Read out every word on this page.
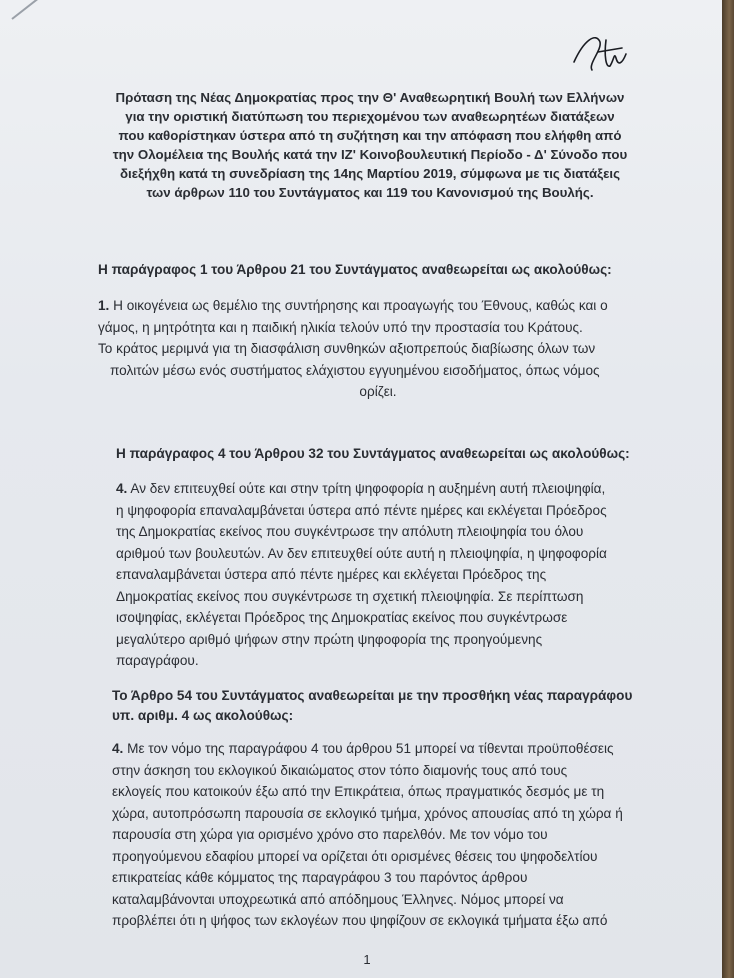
Πρόταση της Νέας Δημοκρατίας προς την Θ' Αναθεωρητική Βουλή των Ελλήνων
για την οριστική διατύπωση του περιεχομένου των αναθεωρητέων διατάξεων
που καθορίστηκαν ύστερα από τη συζήτηση και την απόφαση που ελήφθη από
την Ολομέλεια της Βουλής κατά την ΙΖ' Κοινοβουλευτική Περίοδο - Δ' Σύνοδο που
διεξήχθη κατά τη συνεδρίαση της 14ης Μαρτίου 2019, σύμφωνα με τις διατάξεις
των άρθρων 110 του Συντάγματος και 119 του Κανονισμού της Βουλής.
Η παράγραφος 1 του Άρθρου 21 του Συντάγματος αναθεωρείται ως ακολούθως:
1. Η οικογένεια ως θεμέλιο της συντήρησης και προαγωγής του Έθνους, καθώς και ο
γάμος, η μητρότητα και η παιδική ηλικία τελούν υπό την προστασία του Κράτους.
Το κράτος μεριμνά για τη διασφάλιση συνθηκών αξιοπρεπούς διαβίωσης όλων των
πολιτών μέσω ενός συστήματος ελάχιστου εγγυημένου εισοδήματος, όπως νόμος
ορίζει.
Η παράγραφος 4 του Άρθρου 32 του Συντάγματος αναθεωρείται ως ακολούθως:
4. Αν δεν επιτευχθεί ούτε και στην τρίτη ψηφοφορία η αυξημένη αυτή πλειοψηφία,
η ψηφοφορία επαναλαμβάνεται ύστερα από πέντε ημέρες και εκλέγεται Πρόεδρος
της Δημοκρατίας εκείνος που συγκέντρωσε την απόλυτη πλειοψηφία του όλου
αριθμού των βουλευτών. Αν δεν επιτευχθεί ούτε αυτή η πλειοψηφία, η ψηφοφορία
επαναλαμβάνεται ύστερα από πέντε ημέρες και εκλέγεται Πρόεδρος της
Δημοκρατίας εκείνος που συγκέντρωσε τη σχετική πλειοψηφία. Σε περίπτωση
ισοψηφίας, εκλέγεται Πρόεδρος της Δημοκρατίας εκείνος που συγκέντρωσε
μεγαλύτερο αριθμό ψήφων στην πρώτη ψηφοφορία της προηγούμενης
παραγράφου.
Το Άρθρο 54 του Συντάγματος αναθεωρείται με την προσθήκη νέας παραγράφου
υπ. αριθμ. 4 ως ακολούθως:
4. Με τον νόμο της παραγράφου 4 του άρθρου 51 μπορεί να τίθενται προϋποθέσεις
στην άσκηση του εκλογικού δικαιώματος στον τόπο διαμονής τους από τους
εκλογείς που κατοικούν έξω από την Επικράτεια, όπως πραγματικός δεσμός με τη
χώρα, αυτοπρόσωπη παρουσία σε εκλογικό τμήμα, χρόνος απουσίας από τη χώρα ή
παρουσία στη χώρα για ορισμένο χρόνο στο παρελθόν. Με τον νόμο του
προηγούμενου εδαφίου μπορεί να ορίζεται ότι ορισμένες θέσεις του ψηφοδελτίου
επικρατείας κάθε κόμματος της παραγράφου 3 του παρόντος άρθρου
καταλαμβάνονται υποχρεωτικά από απόδημους Έλληνες. Νόμος μπορεί να
προβλέπει ότι η ψήφος των εκλογέων που ψηφίζουν σε εκλογικά τμήματα έξω από
1
